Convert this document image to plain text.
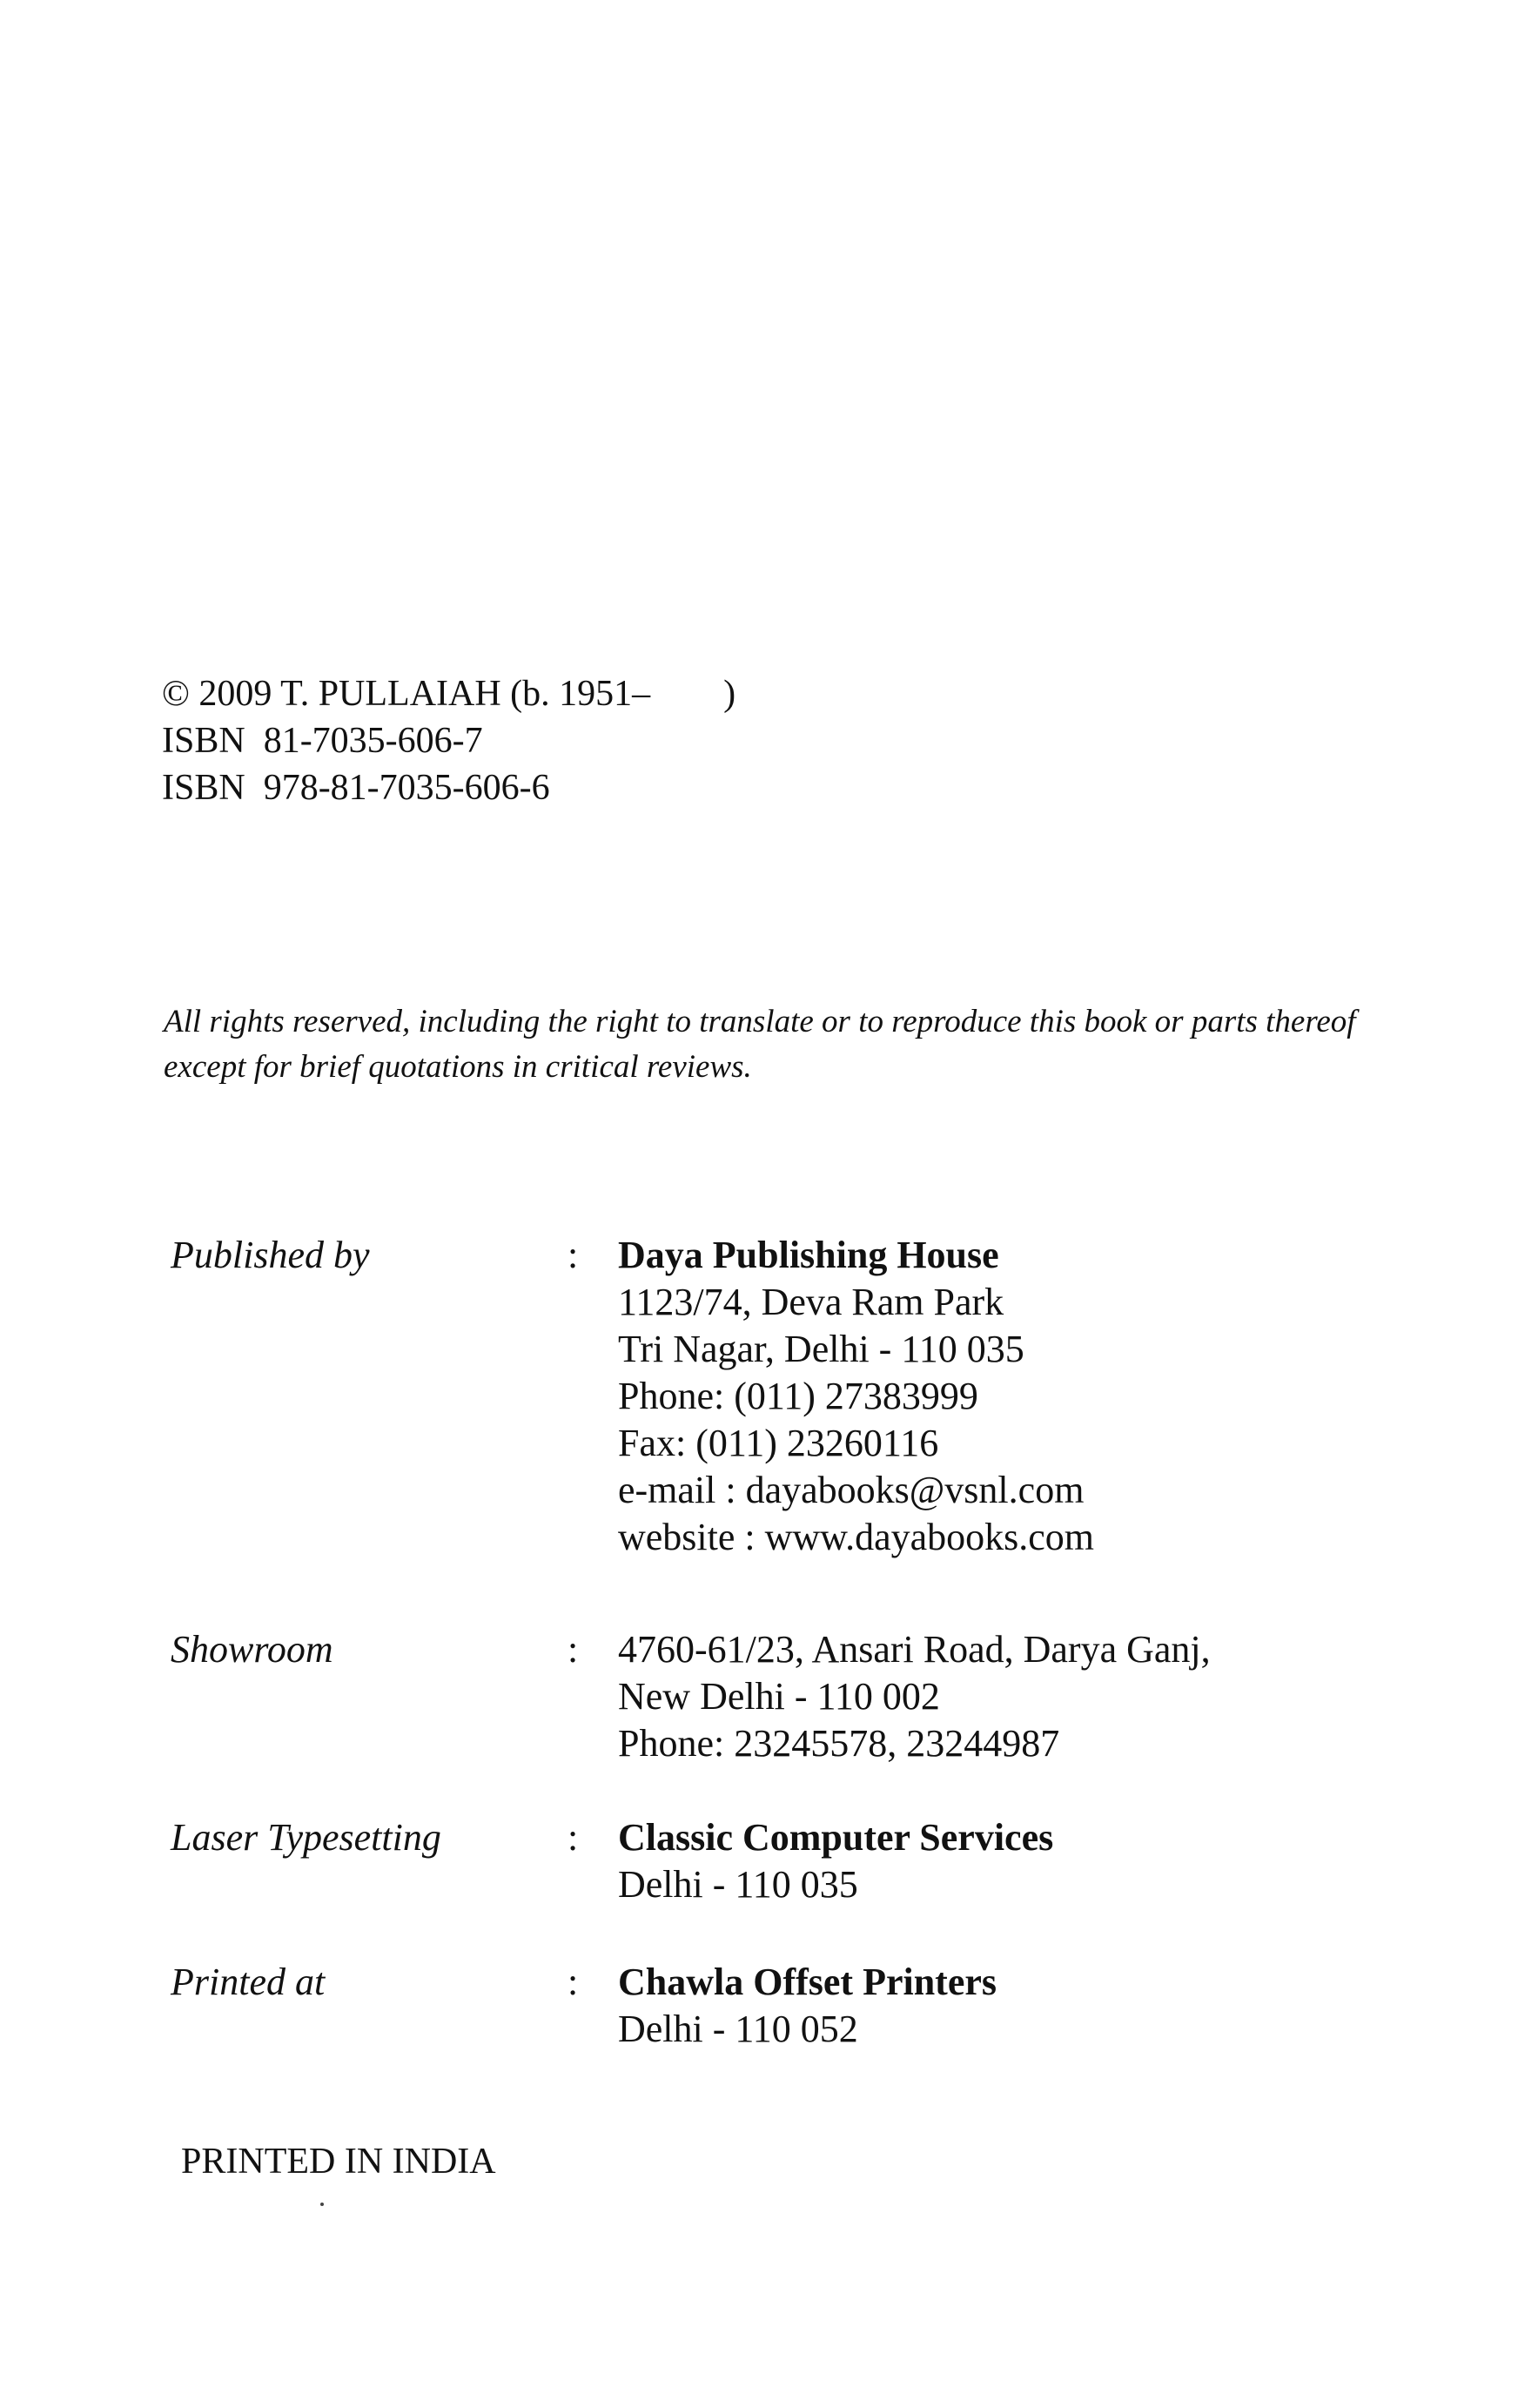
© 2009 T. PULLAIAH (b. 1951–        )
ISBN  81-7035-606-7
ISBN  978-81-7035-606-6
All rights reserved, including the right to translate or to reproduce this book or parts thereof
except for brief quotations in critical reviews.
Published by	: Daya Publishing House
1123/74, Deva Ram Park
Tri Nagar, Delhi - 110 035
Phone: (011) 27383999
Fax: (011) 23260116
e-mail : dayabooks@vsnl.com
website : www.dayabooks.com
Showroom	: 4760-61/23, Ansari Road, Darya Ganj,
New Delhi - 110 002
Phone: 23245578, 23244987
Laser Typesetting	: Classic Computer Services
Delhi - 110 035
Printed at	: Chawla Offset Printers
Delhi - 110 052
PRINTED IN INDIA
